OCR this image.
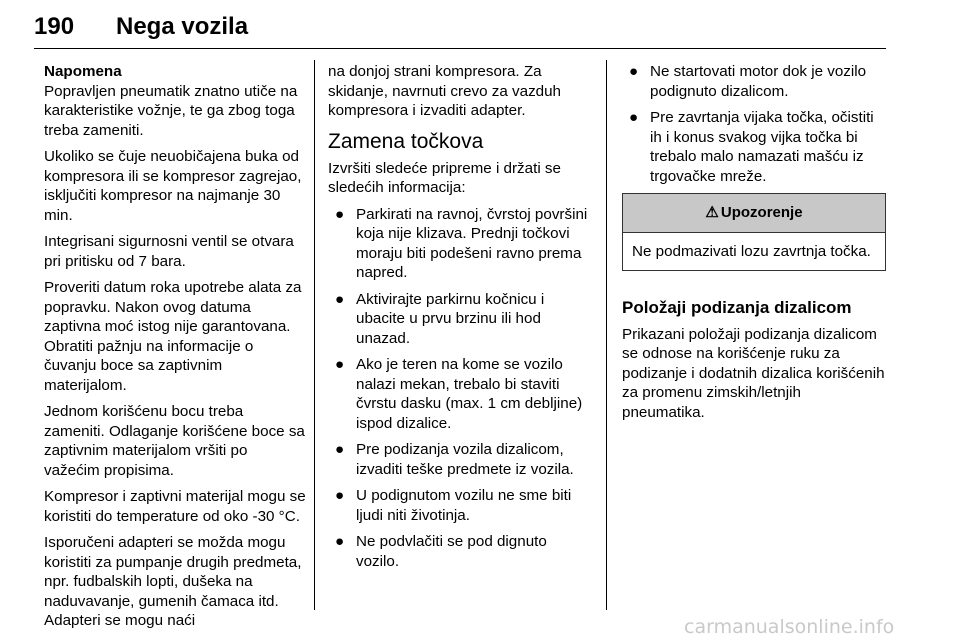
190 Nega vozila
Napomena

Popravljen pneumatik znatno utiče na karakteristike vožnje, te ga zbog toga treba zameniti.

Ukoliko se čuje neuobičajena buka od kompresora ili se kompresor zagrejao, isključiti kompresor na najmanje 30 min.

Integrisani sigurnosni ventil se otvara pri pritisku od 7 bara.

Proveriti datum roka upotrebe alata za popravku. Nakon ovog datuma zaptivna moć istog nije garantovana. Obratiti pažnju na informacije o čuvanju boce sa zaptivnim materijalom.

Jednom korišćenu bocu treba zameniti. Odlaganje korišćene boce sa zaptivnim materijalom vršiti po važećim propisima.

Kompresor i zaptivni materijal mogu se koristiti do temperature od oko -30 °C.

Isporučeni adapteri se možda mogu koristiti za pumpanje drugih predmeta, npr. fudbalskih lopti, dušeka na naduvavanje, gumenih čamaca itd. Adapteri se mogu naći

na donjoj strani kompresora. Za skidanje, navrnuti crevo za vazduh kompresora i izvaditi adapter.

Zamena točkova

Izvršiti sledeće pripreme i držati se sledećih informacija:

● Parkirati na ravnoj, čvrstoj površini koja nije klizava. Prednji točkovi moraju biti podešeni ravno prema napred.
● Aktivirajte parkirnu kočnicu i ubacite u prvu brzinu ili hod unazad.
● Ako je teren na kome se vozilo nalazi mekan, trebalo bi staviti čvrstu dasku (max. 1 cm debljine) ispod dizalice.
● Pre podizanja vozila dizalicom, izvaditi teške predmete iz vozila.
● U podignutom vozilu ne sme biti ljudi niti životinja.
● Ne podvlačiti se pod dignuto vozilo.
● Ne startovati motor dok je vozilo podignuto dizalicom.
● Pre zavrtanja vijaka točka, očistiti ih i konus svakog vijka točka bi trebalo malo namazati mašću iz trgovačke mreže.
⚠ Upozorenje
Ne podmazivati lozu zavrtnja točka.
Položaji podizanja dizalicom

Prikazani položaji podizanja dizalicom se odnose na korišćenje ruku za podizanje i dodatnih dizalica korišćenih za promenu zimskih/letnjih pneumatika.

carmanualsonline.info
